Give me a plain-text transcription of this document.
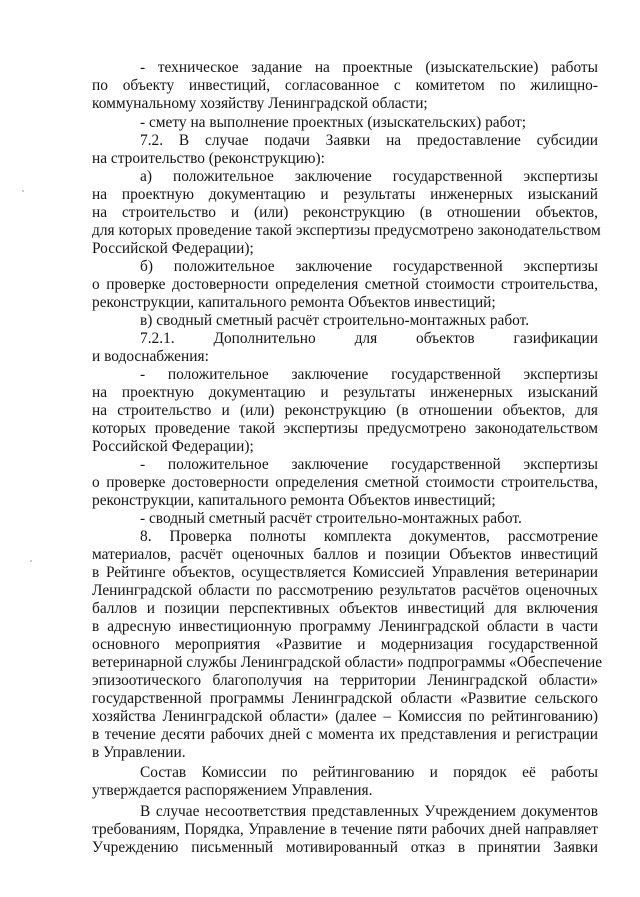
- техническое задание на проектные (изыскательские) работы
по объекту инвестиций, согласованное с комитетом по жилищно-
коммунальному хозяйству Ленинградской области;
- смету на выполнение проектных (изыскательских) работ;
7.2. В случае подачи Заявки на предоставление субсидии
на строительство (реконструкцию):
а) положительное заключение государственной экспертизы
на проектную документацию и результаты инженерных изысканий
на строительство и (или) реконструкцию (в отношении объектов,
для которых проведение такой экспертизы предусмотрено законодательством
Российской Федерации);
б) положительное заключение государственной экспертизы
о проверке достоверности определения сметной стоимости строительства,
реконструкции, капитального ремонта Объектов инвестиций;
в) сводный сметный расчёт строительно-монтажных работ.
7.2.1. Дополнительно для объектов газификации
и водоснабжения:
- положительное заключение государственной экспертизы
на проектную документацию и результаты инженерных изысканий
на строительство и (или) реконструкцию (в отношении объектов, для
которых проведение такой экспертизы предусмотрено законодательством
Российской Федерации);
- положительное заключение государственной экспертизы
о проверке достоверности определения сметной стоимости строительства,
реконструкции, капитального ремонта Объектов инвестиций;
- сводный сметный расчёт строительно-монтажных работ.
8. Проверка полноты комплекта документов, рассмотрение
материалов, расчёт оценочных баллов и позиции Объектов инвестиций
в Рейтинге объектов, осуществляется Комиссией Управления ветеринарии
Ленинградской области по рассмотрению результатов расчётов оценочных
баллов и позиции перспективных объектов инвестиций для включения
в адресную инвестиционную программу Ленинградской области в части
основного мероприятия «Развитие и модернизация государственной
ветеринарной службы Ленинградской области» подпрограммы «Обеспечение
эпизоотического благополучия на территории Ленинградской области»
государственной программы Ленинградской области «Развитие сельского
хозяйства Ленинградской области» (далее – Комиссия по рейтингованию)
в течение десяти рабочих дней с момента их представления и регистрации
в Управлении.
Состав Комиссии по рейтингованию и порядок её работы
утверждается распоряжением Управления.
В случае несоответствия представленных Учреждением документов
требованиям, Порядка, Управление в течение пяти рабочих дней направляет
Учреждению письменный мотивированный отказ в принятии Заявки
